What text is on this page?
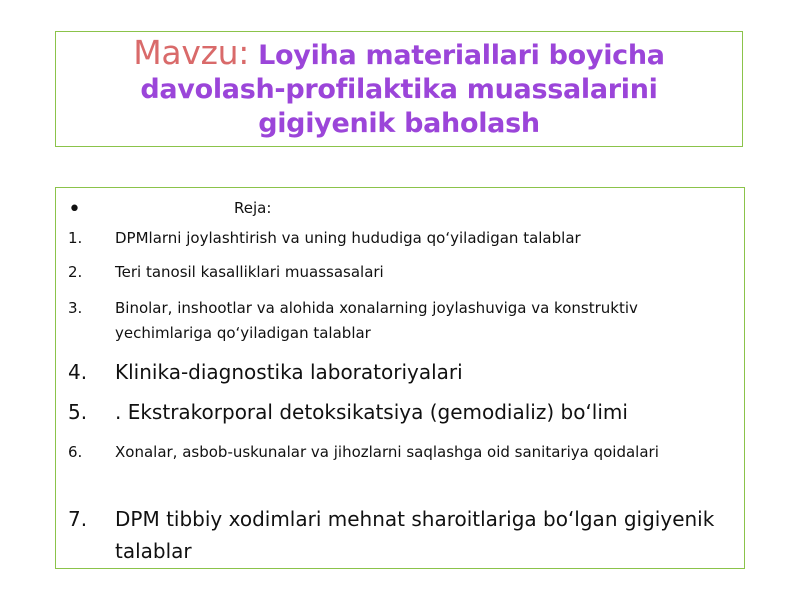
Mavzu: Loyiha materiallari boyicha
davolash-profilaktika muassalarini
gigiyenik baholash
•	Reja:
1. DPMlarni joylashtirish va uning hududiga qo‘yiladigan talablar
2. Teri tanosil kasalliklari muassasalari
3. Binolar, inshootlar va alohida xonalarning joylashuviga va konstruktiv yechimlariga qo‘yiladigan talablar
4. Klinika-diagnostika laboratoriyalari
5. . Ekstrakorporal detoksikatsiya (gemodializ) bo‘limi
6. Xonalar, asbob-uskunalar va jihozlarni saqlashga oid sanitariya qoidalari
7. DPM tibbiy xodimlari mehnat sharoitlariga bo‘lgan gigiyenik talablar
